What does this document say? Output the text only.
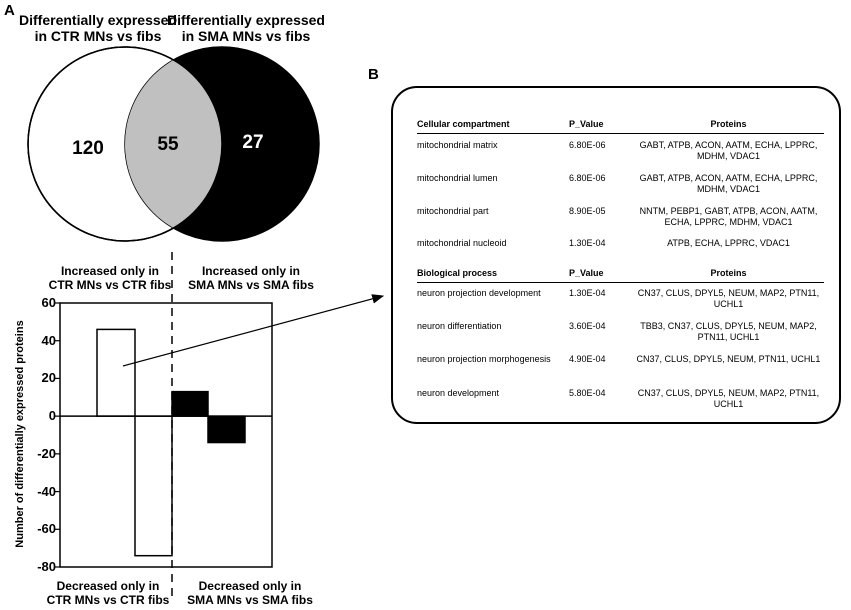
A
Differentially expressed
in CTR MNs vs fibs
Differentially expressed
in SMA MNs vs fibs
120	55	27
Increased only in
CTR MNs vs CTR fibs
Increased only in
SMA MNs vs SMA fibs
Decreased only in
CTR MNs vs CTR fibs
Decreased only in
SMA MNs vs SMA fibs
Number of differentially expressed proteins
60
40
20
0
-20
-40
-60
-80
B
Cellular compartment	P_Value	Proteins

mitochondrial matrix	6.80E-06	GABT, ATPB, ACON, AATM, ECHA, LPPRC, MDHM, VDAC1
mitochondrial lumen	6.80E-06	GABT, ATPB, ACON, AATM, ECHA, LPPRC, MDHM, VDAC1
mitochondrial part	8.90E-05	NNTM, PEBP1, GABT, ATPB, ACON, AATM, ECHA, LPPRC, MDHM, VDAC1
mitochondrial nucleoid	1.30E-04	ATPB, ECHA, LPPRC, VDAC1
Biological process	P_Value	Proteins

neuron projection development	1.30E-04	CN37, CLUS, DPYL5, NEUM, MAP2, PTN11, UCHL1
neuron differentiation	3.60E-04	TBB3, CN37, CLUS, DPYL5, NEUM, MAP2, PTN11, UCHL1
neuron projection morphogenesis	4.90E-04	CN37, CLUS, DPYL5, NEUM, PTN11, UCHL1
neuron development	5.80E-04	CN37, CLUS, DPYL5, NEUM, MAP2, PTN11, UCHL1
